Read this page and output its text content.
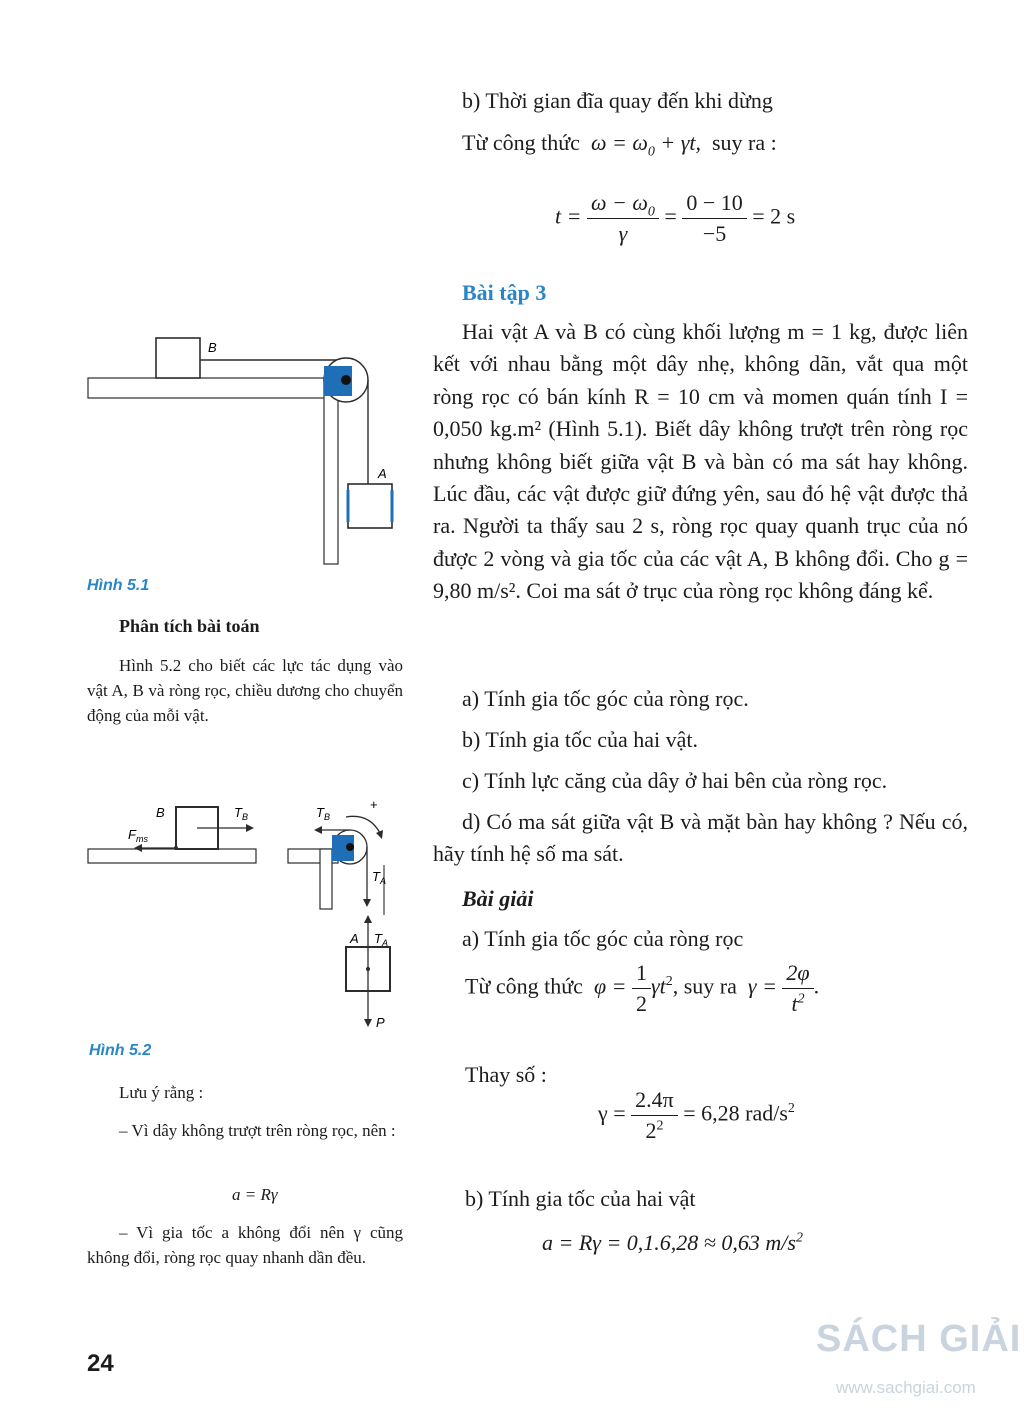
b) Thời gian đĩa quay đến khi dừng
Từ công thức $\omega = \omega_0 + \gamma t$, suy ra :
$t = \frac{\omega - \omega_0}{\gamma} = \frac{0 - 10}{-5} = 2$ s
Bài tập 3
Hai vật A và B có cùng khối lượng m = 1 kg, được liên kết với nhau bằng một dây nhẹ, không dãn, vắt qua một ròng rọc có bán kính R = 10 cm và momen quán tính I = 0,050 kg.m² (Hình 5.1). Biết dây không trượt trên ròng rọc nhưng không biết giữa vật B và bàn có ma sát hay không. Lúc đầu, các vật được giữ đứng yên, sau đó hệ vật được thả ra. Người ta thấy sau 2 s, ròng rọc quay quanh trục của nó được 2 vòng và gia tốc của các vật A, B không đổi. Cho g = 9,80 m/s². Coi ma sát ở trục của ròng rọc không đáng kể.
a) Tính gia tốc góc của ròng rọc.
b) Tính gia tốc của hai vật.
c) Tính lực căng của dây ở hai bên của ròng rọc.
d) Có ma sát giữa vật B và mặt bàn hay không ? Nếu có, hãy tính hệ số ma sát.
Bài giải
a) Tính gia tốc góc của ròng rọc
Từ công thức $\varphi = \frac{1}{2} \gamma t^2$, suy ra $\gamma = \frac{2\varphi}{t^2}$ .
Thay số :
$\gamma = \frac{2.4\pi}{2^2} = 6,28$ rad/$s^2$
b) Tính gia tốc của hai vật
a = Rγ = 0,1.6,28 ≈ 0,63 $m/s^2$
B
A
Hình 5.1
Phân tích bài toán
Hình 5.2 cho biết các lực tác dụng vào vật A, B và ròng rọc, chiều dương cho chuyển động của mỗi vật.
B	$T_B$
$F_{ms}$
$T_B$
+
$T_A$
A $T_A$
P
Hình 5.2
Lưu ý rằng :
– Vì dây không trượt trên ròng rọc, nên :
a = Rγ
– Vì gia tốc a không đổi nên γ cũng không đổi, ròng rọc quay nhanh dần đều.
24
SÁCH GIẢI
www.sachgiai.com
